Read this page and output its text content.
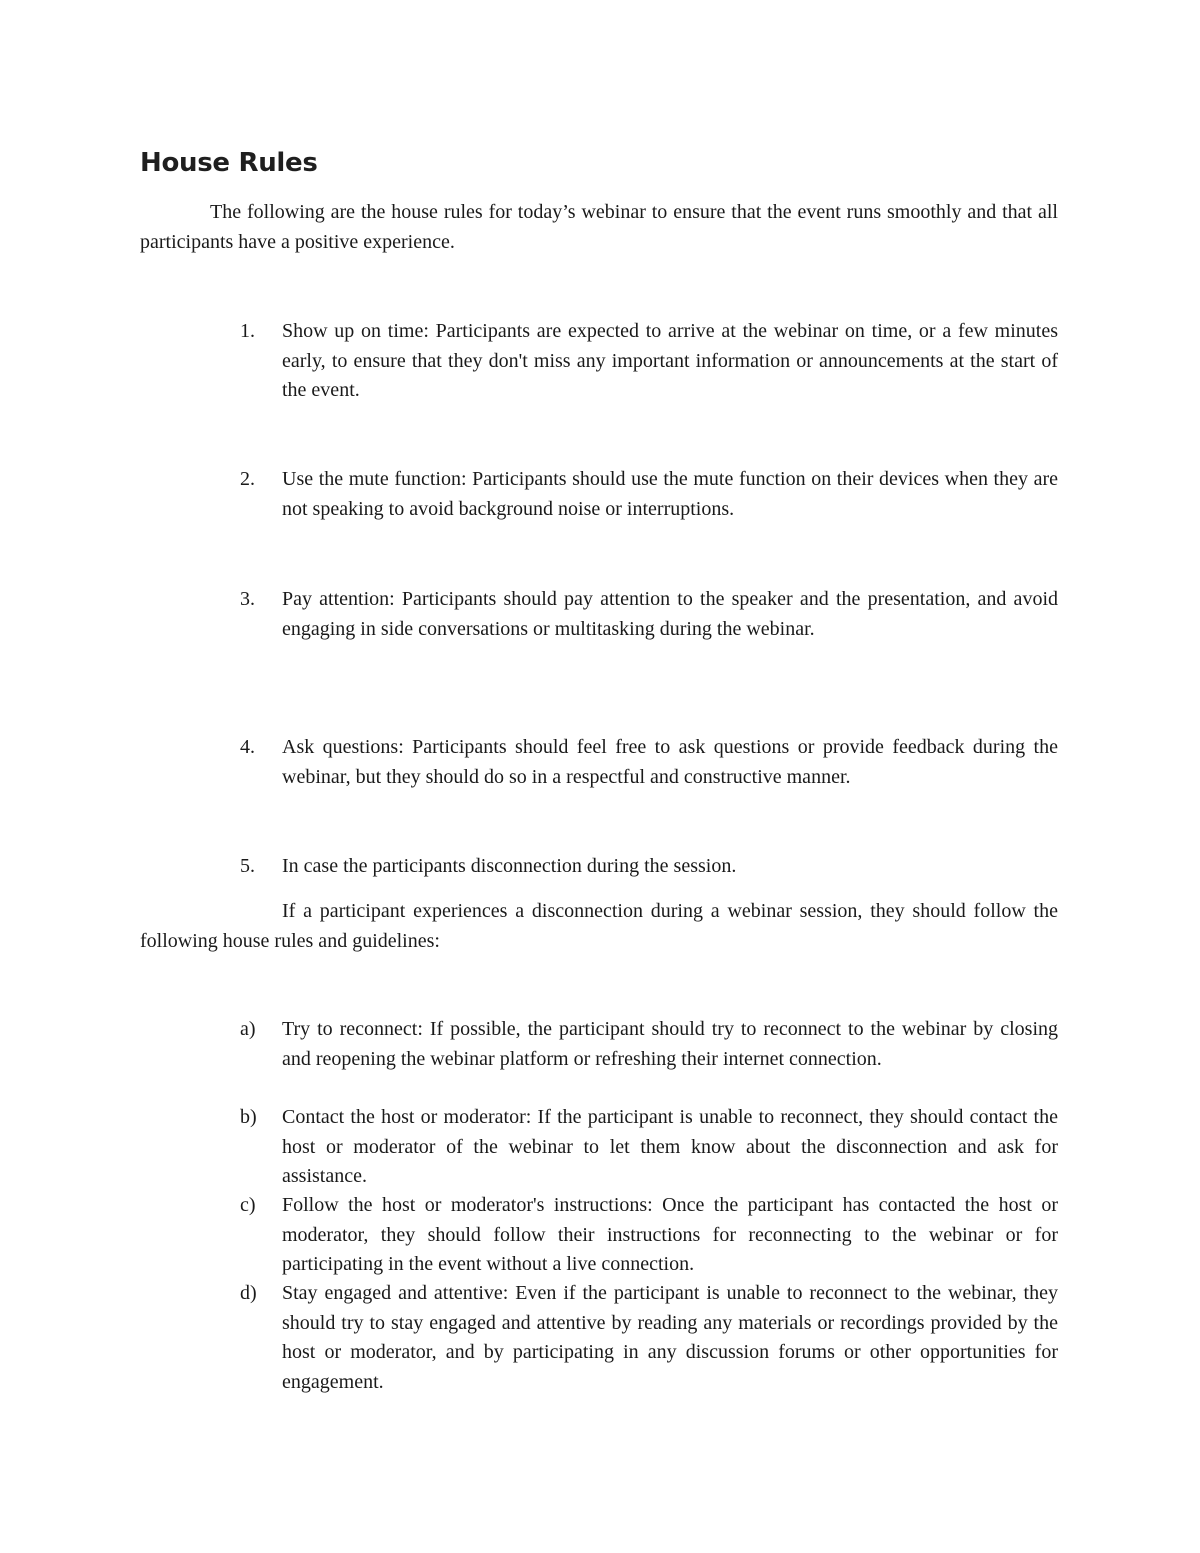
House Rules

The following are the house rules for today’s webinar to ensure that the event runs smoothly and that all participants have a positive experience.

1.	Show up on time: Participants are expected to arrive at the webinar on time, or a few minutes early, to ensure that they don't miss any important information or announcements at the start of the event.
2.	Use the mute function: Participants should use the mute function on their devices when they are not speaking to avoid background noise or interruptions.
3.	Pay attention: Participants should pay attention to the speaker and the presentation, and avoid engaging in side conversations or multitasking during the webinar.
4.	Ask questions: Participants should feel free to ask questions or provide feedback during the webinar, but they should do so in a respectful and constructive manner.
5.	In case the participants disconnection during the session.

If a participant experiences a disconnection during a webinar session, they should follow the following house rules and guidelines:

a)	Try to reconnect: If possible, the participant should try to reconnect to the webinar by closing and reopening the webinar platform or refreshing their internet connection.
b)	Contact the host or moderator: If the participant is unable to reconnect, they should contact the host or moderator of the webinar to let them know about the disconnection and ask for assistance.
c)	Follow the host or moderator's instructions: Once the participant has contacted the host or moderator, they should follow their instructions for reconnecting to the webinar or for participating in the event without a live connection.
d)	Stay engaged and attentive: Even if the participant is unable to reconnect to the webinar, they should try to stay engaged and attentive by reading any materials or recordings provided by the host or moderator, and by participating in any discussion forums or other opportunities for engagement.
